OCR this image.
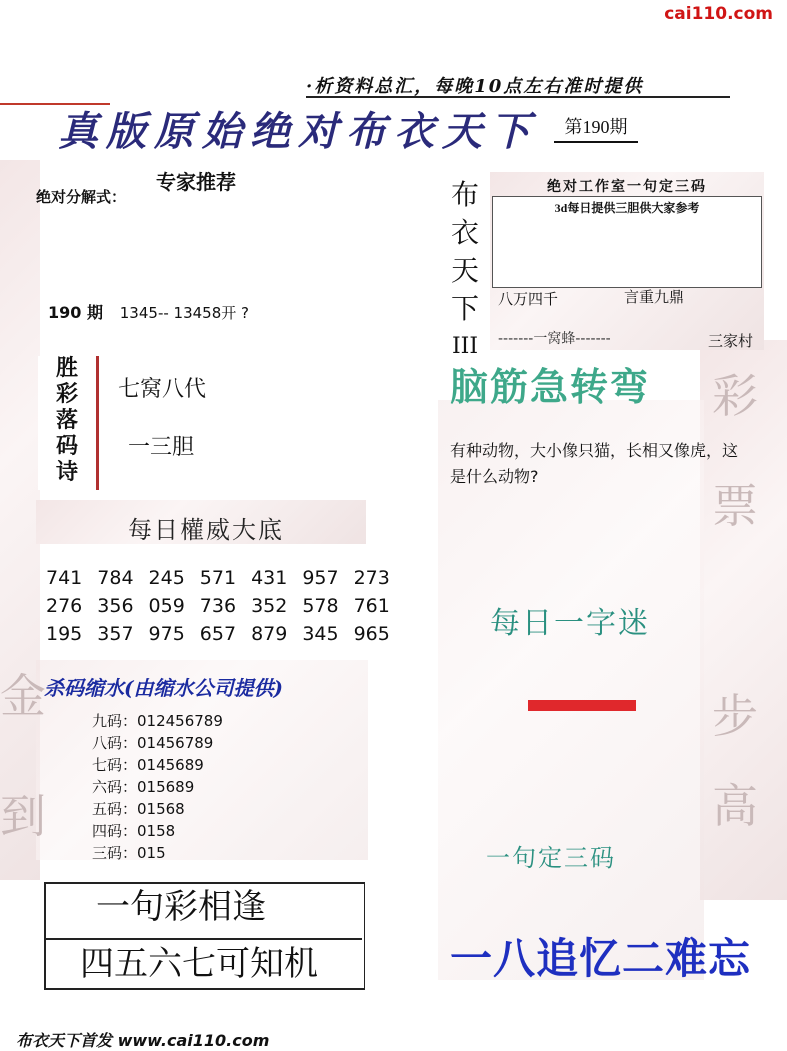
彩
票
步
高
金
到
cai110.com
·析资料总汇，每晚10点左右准时提供
真版原始绝对布衣天下	第190期
专家推荐
绝对分解式：
190 期 1345-- 13458开 ?
胜
彩
落
码
诗
七窝八代
一三胆
每日權威大底
741 784 245 571 431 957 273
276 356 059 736 352 578 761
195 357 975 657 879 345 965
杀码缩水(由缩水公司提供)
九码：012456789
八码：01456789
七码：0145689
六码：015689
五码：01568
四码：0158
三码：015
一句彩相逢
四五六七可知机
布衣天下首发 www.cai110.com
布
衣
天
下
III
绝对工作室一句定三码
3d每日提供三胆供大家参考
八万四千	言重九鼎
-------一窝蜂-------	三家村
脑筋急转弯
有种动物，大小像只猫，长相又像虎，这是什么动物?
每日一字迷
一句定三码
一八追忆二难忘
